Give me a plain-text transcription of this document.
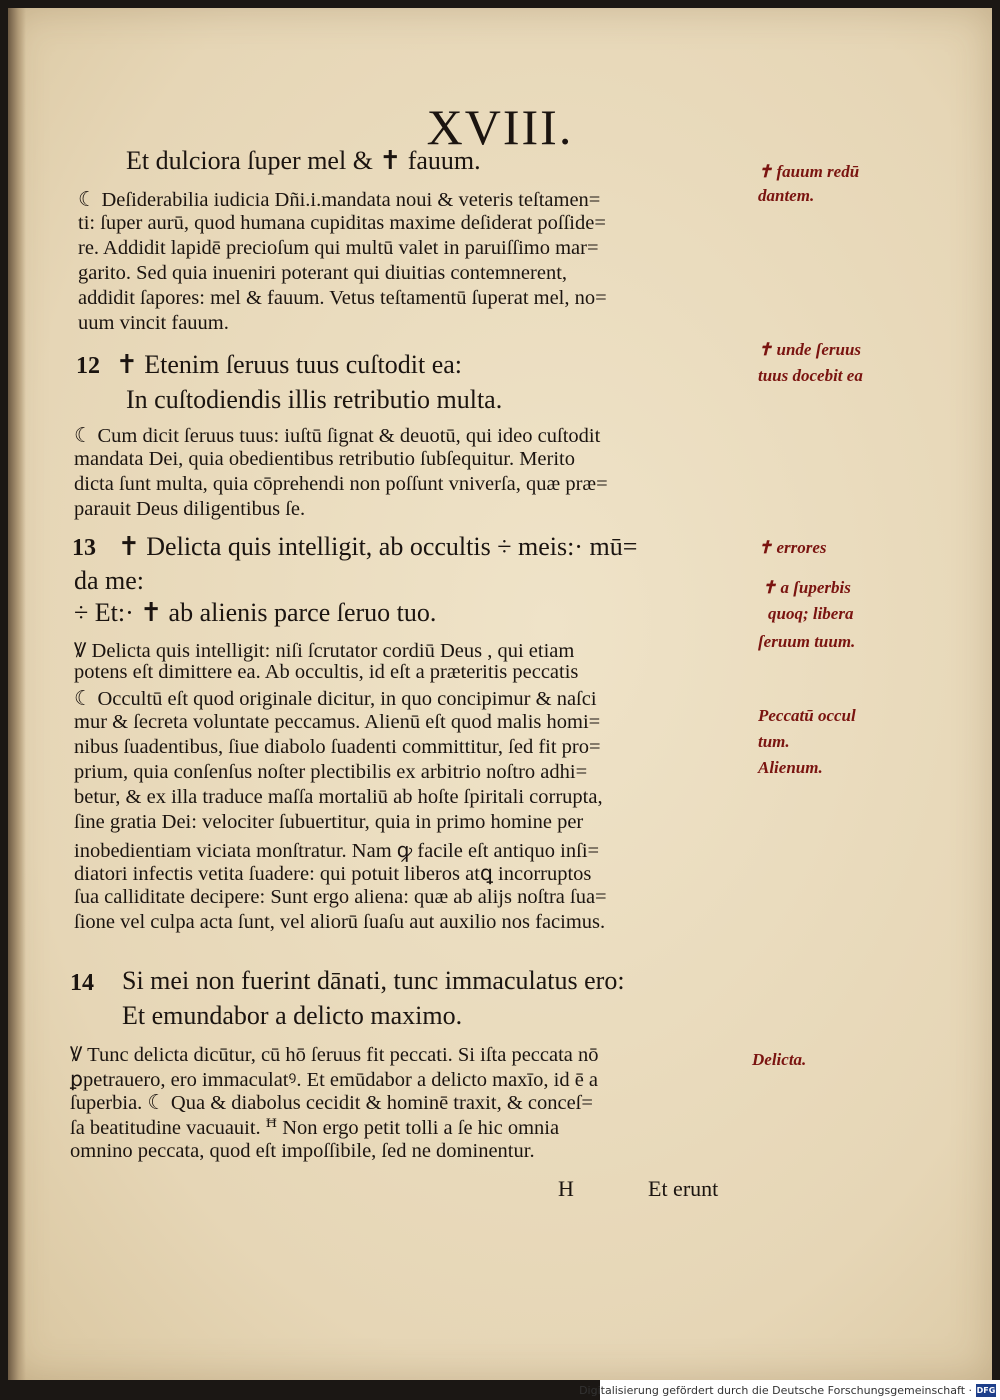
XVIII.
Et dulciora ſuper mel & ✝ fauum.
☾ Deſiderabilia iudicia Dñi.i.mandata noui & veteris teſtamen=
ti: ſuper aurū, quod humana cupiditas maxime deſiderat poſſide=
re. Addidit lapidē precioſum qui multū valet in paruiſſimo mar=
garito. Sed quia inueniri poterant qui diuitias contemnerent,
addidit ſapores: mel & fauum. Vetus teſtamentū ſuperat mel, no=
uum vincit fauum.
12 ✝ Etenim ſeruus tuus cuſtodit ea:
In cuſtodiendis illis retributio multa.
☾ Cum dicit ſeruus tuus: iuſtū ſignat & deuotū, qui ideo cuſtodit
mandata Dei, quia obedientibus retributio ſubſequitur. Merito
dicta ſunt multa, quia cōprehendi non poſſunt vniverſa, quæ præ=
parauit Deus diligentibus ſe.
13 ✝ Delicta quis intelligit, ab occultis ÷ meis:· mū=
da me:
÷ Et:· ✝ ab alienis parce ſeruo tuo.
Ꝟ Delicta quis intelligit: niſi ſcrutator cordiū Deus , qui etiam
potens eſt dimittere ea. Ab occultis, id eſt a præteritis peccatis
☾ Occultū eſt quod originale dicitur, in quo concipimur & naſci
mur & ſecreta voluntate peccamus. Alienū eſt quod malis homi=
nibus ſuadentibus, ſiue diabolo ſuadenti committitur, ſed fit pro=
prium, quia conſenſus noſter plectibilis ex arbitrio noſtro adhi=
betur, & ex illa traduce maſſa mortaliū ab hoſte ſpiritali corrupta,
ſine gratia Dei: velociter ſubuertitur, quia in primo homine per
inobedientiam viciata monſtratur. Nam ꝙ facile eſt antiquo inſi=
diatori infectis vetita ſuadere: qui potuit liberos atꝗ incorruptos
ſua calliditate decipere: Sunt ergo aliena: quæ ab alijs noſtra ſua=
ſione vel culpa acta ſunt, vel aliorū ſuaſu aut auxilio nos facimus.
14 Si mei non fuerint dānati, tunc immaculatus ero:
Et emundabor a delicto maximo.
Ꝟ Tunc delicta dicūtur, cū hō ſeruus fit peccati. Si iſta peccata nō
ꝑpetrauero, ero immaculatꝰ. Et emūdabor a delicto maxīo, id ē a
ſuperbia. ☾ Qua & diabolus cecidit & hominē traxit, & conceſ=
ſa beatitudine vacuauit. ꟸ Non ergo petit tolli a ſe hic omnia
omnino peccata, quod eſt impoſſibile, ſed ne dominentur.
H	Et erunt
✝ fauum redū
dantem.
✝ unde ſeruus
tuus docebit ea
✝ errores
✝ a ſuperbis
quoq; libera
ſeruum tuum.
Peccatū occul
tum.
Alienum.
Delicta.
Digitalisierung gefördert durch die Deutsche Forschungsgemeinschaft · DFG
